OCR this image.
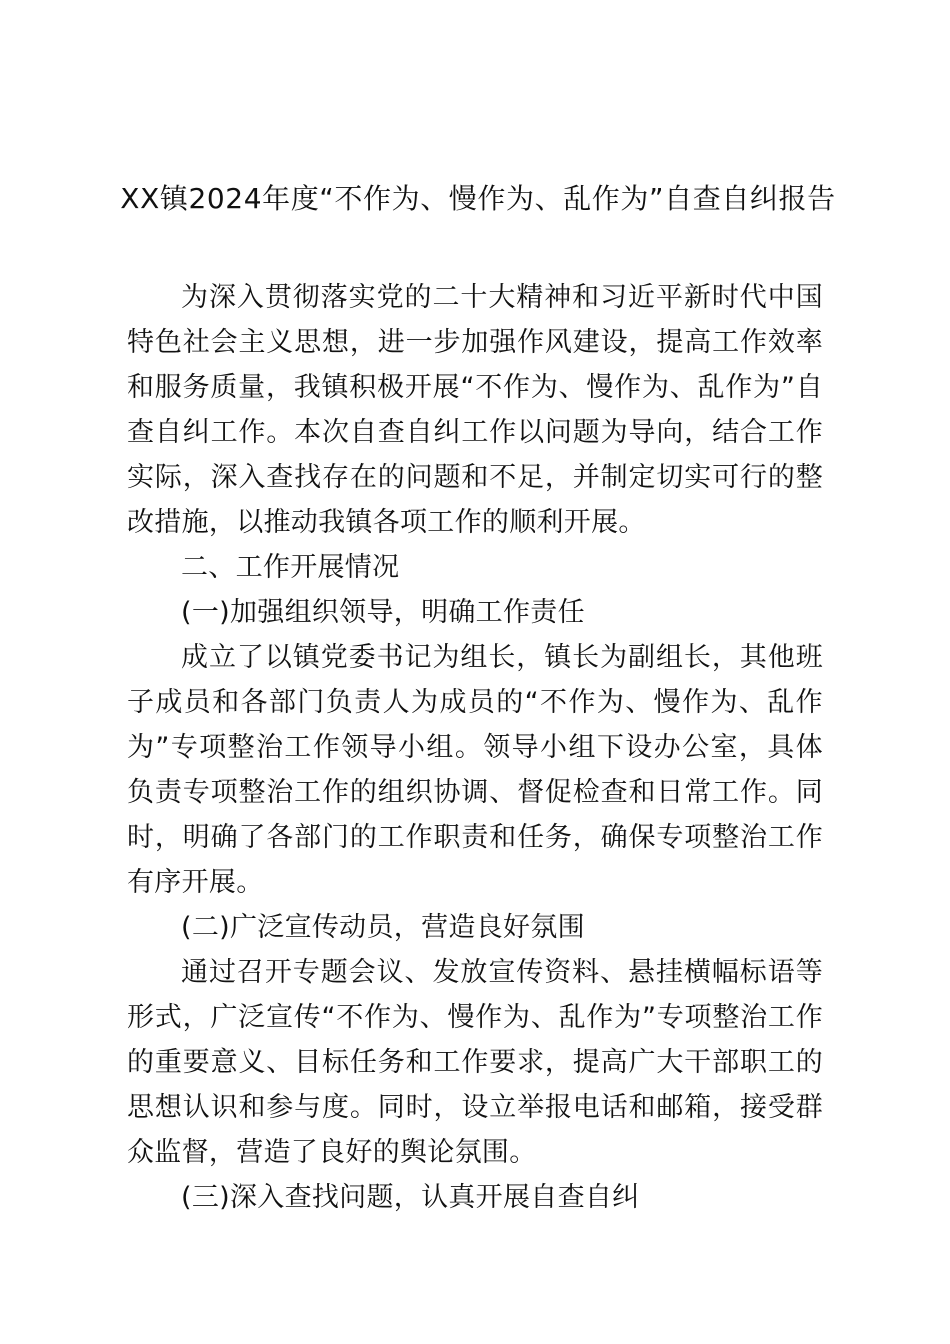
XX镇2024年度“不作为、慢作为、乱作为”自查自纠报告

为深入贯彻落实党的二十大精神和习近平新时代中国特色社会主义思想，进一步加强作风建设，提高工作效率和服务质量，我镇积极开展“不作为、慢作为、乱作为”自查自纠工作。本次自查自纠工作以问题为导向，结合工作实际，深入查找存在的问题和不足，并制定切实可行的整改措施，以推动我镇各项工作的顺利开展。

二、工作开展情况

(一)加强组织领导，明确工作责任

成立了以镇党委书记为组长，镇长为副组长，其他班子成员和各部门负责人为成员的“不作为、慢作为、乱作为”专项整治工作领导小组。领导小组下设办公室，具体负责专项整治工作的组织协调、督促检查和日常工作。同时，明确了各部门的工作职责和任务，确保专项整治工作有序开展。

(二)广泛宣传动员，营造良好氛围

通过召开专题会议、发放宣传资料、悬挂横幅标语等形式，广泛宣传“不作为、慢作为、乱作为”专项整治工作的重要意义、目标任务和工作要求，提高广大干部职工的思想认识和参与度。同时，设立举报电话和邮箱，接受群众监督，营造了良好的舆论氛围。

(三)深入查找问题，认真开展自查自纠
